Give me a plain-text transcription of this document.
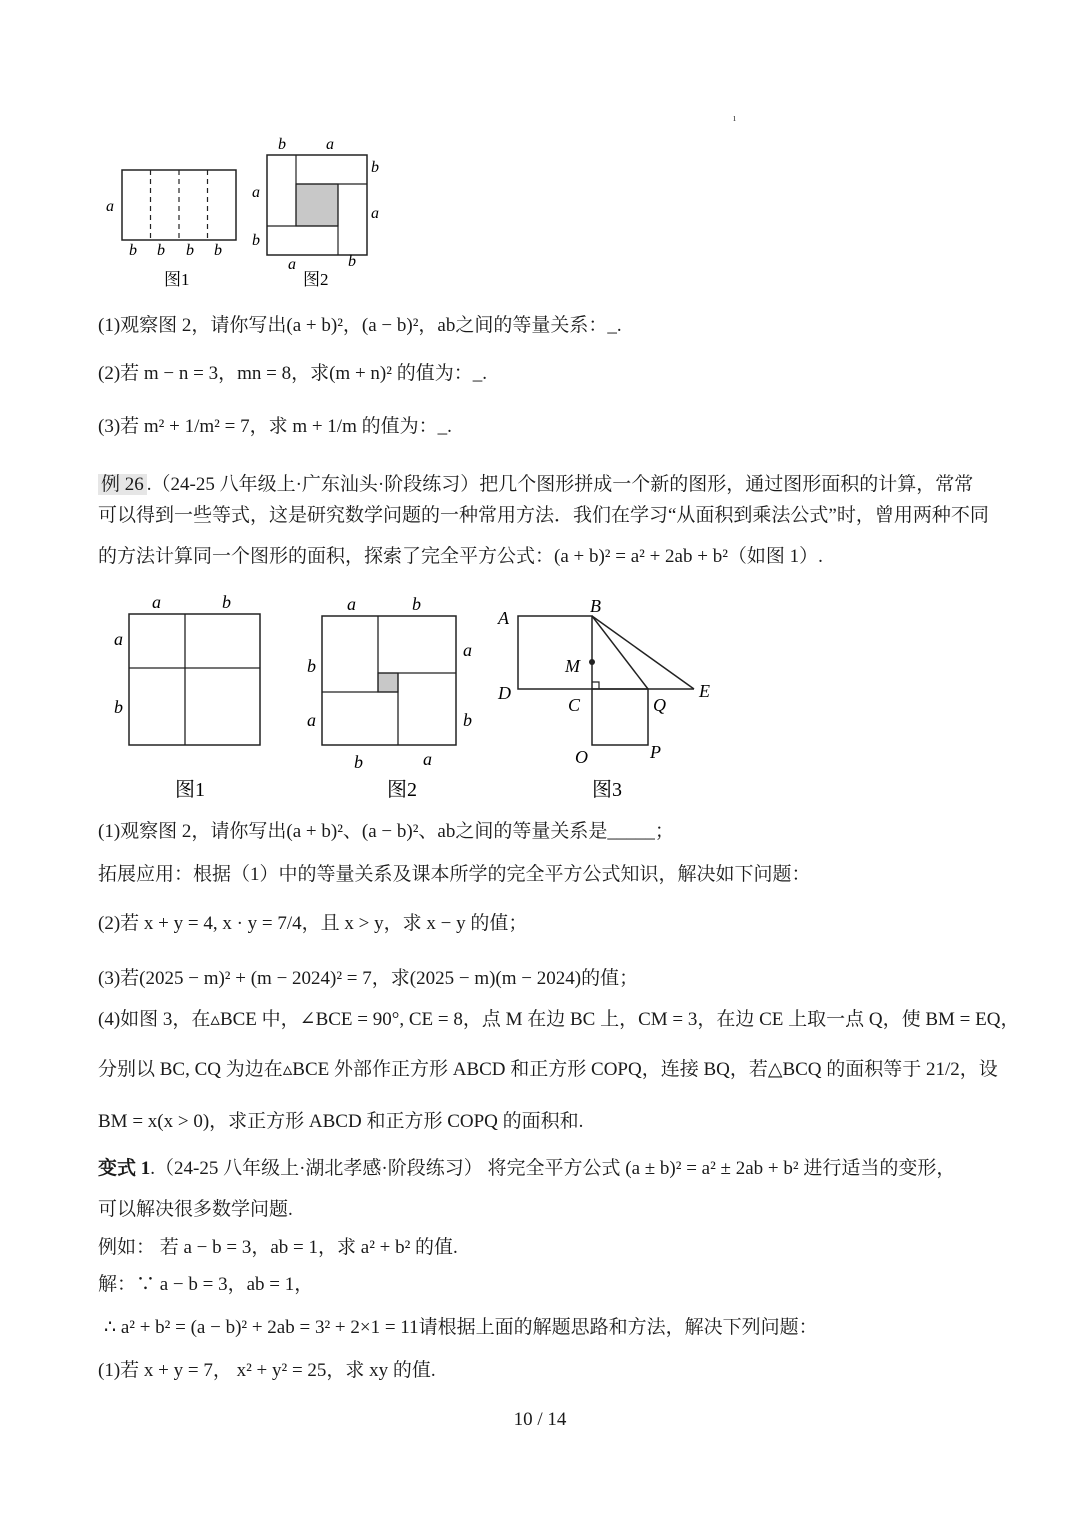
ı
a
b b b b
图1
b	a
b
a
a
b
a	b
图2
(1)观察图 2，请你写出(a + b)²，(a − b)²，ab之间的等量关系：_.
(2)若 m − n = 3，mn = 8，求(m + n)² 的值为：_.
(3)若 m² + 1/m² = 7，求 m + 1/m 的值为：_.
例 26 .（24-25 八年级上·广东汕头·阶段练习）把几个图形拼成一个新的图形，通过图形面积的计算，常常
可以得到一些等式，这是研究数学问题的一种常用方法．我们在学习“从面积到乘法公式”时，曾用两种不同
的方法计算同一个图形的面积，探索了完全平方公式：(a + b)² = a² + 2ab + b²（如图 1）.
a	b
a
b
图1
a	b
a
b
b
a
b	a
图2
A
B
M
D
C	Q
E
O	P
图3
(1)观察图 2，请你写出(a + b)²、(a − b)²、ab之间的等量关系是_____；
拓展应用：根据（1）中的等量关系及课本所学的完全平方公式知识，解决如下问题：
(2)若 x + y = 4, x · y = 7/4，且 x > y，求 x − y 的值；
(3)若(2025 − m)² + (m − 2024)² = 7，求(2025 − m)(m − 2024)的值；
(4)如图 3，在▵BCE 中，∠BCE = 90°, CE = 8，点 M 在边 BC 上，CM = 3，在边 CE 上取一点 Q，使 BM = EQ，
分别以 BC, CQ 为边在▵BCE 外部作正方形 ABCD 和正方形 COPQ，连接 BQ，若△BCQ 的面积等于 21/2，设
BM = x(x > 0)，求正方形 ABCD 和正方形 COPQ 的面积和.
变式 1.（24-25 八年级上·湖北孝感·阶段练习） 将完全平方公式 (a ± b)² = a² ± 2ab + b² 进行适当的变形，
可以解决很多数学问题.
例如： 若 a − b = 3，ab = 1，求 a² + b² 的值.
解：∵ a − b = 3，ab = 1，
∴ a² + b² = (a − b)² + 2ab = 3² + 2×1 = 11请根据上面的解题思路和方法，解决下列问题：
(1)若 x + y = 7， x² + y² = 25，求 xy 的值.
10 / 14
